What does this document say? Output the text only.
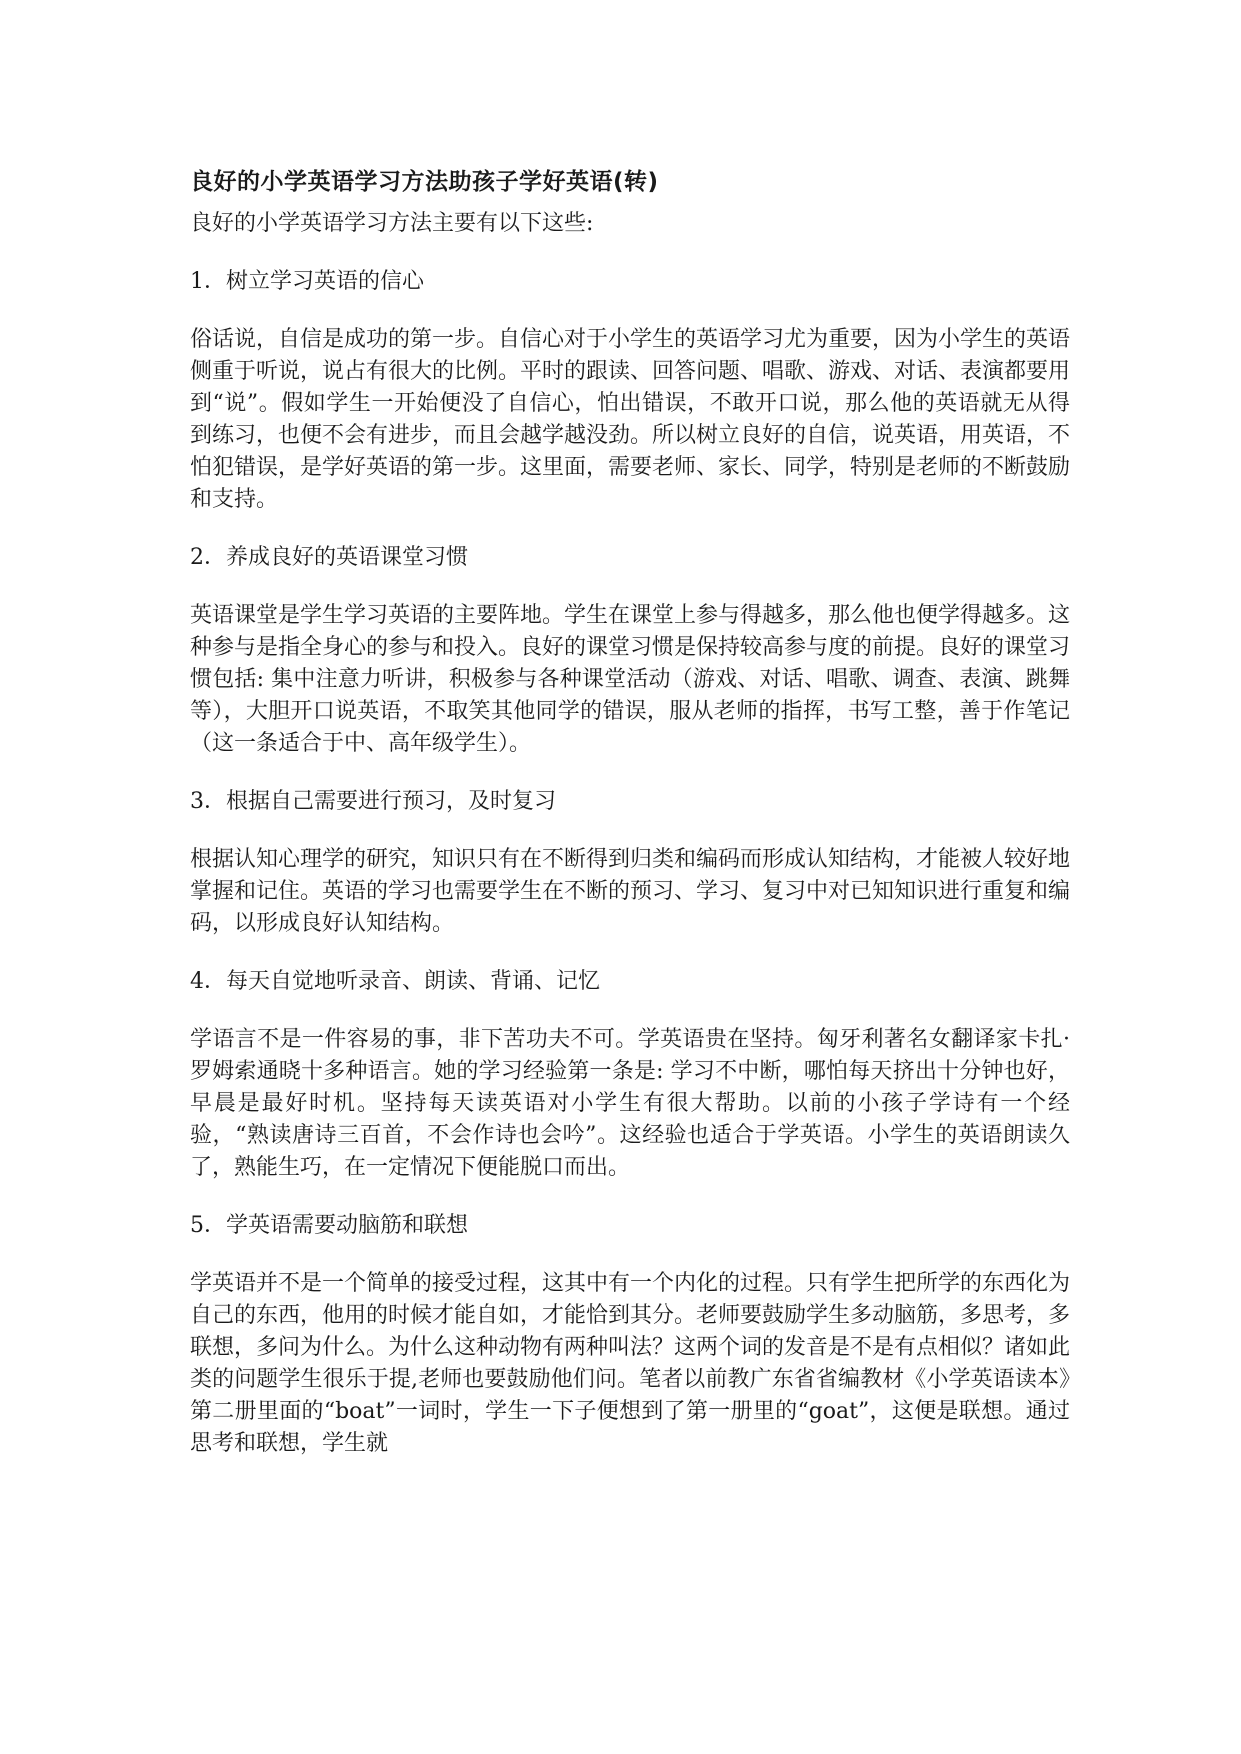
良好的小学英语学习方法助孩子学好英语(转)
良好的小学英语学习方法主要有以下这些:
1．树立学习英语的信心
俗话说，自信是成功的第一步。自信心对于小学生的英语学习尤为重要，因为小学生的英语侧重于听说，说占有很大的比例。平时的跟读、回答问题、唱歌、游戏、对话、表演都要用到“说”。假如学生一开始便没了自信心，怕出错误，不敢开口说，那么他的英语就无从得到练习，也便不会有进步，而且会越学越没劲。所以树立良好的自信，说英语，用英语，不怕犯错误，是学好英语的第一步。这里面，需要老师、家长、同学，特别是老师的不断鼓励和支持。
2．养成良好的英语课堂习惯
英语课堂是学生学习英语的主要阵地。学生在课堂上参与得越多，那么他也便学得越多。这种参与是指全身心的参与和投入。良好的课堂习惯是保持较高参与度的前提。良好的课堂习惯包括: 集中注意力听讲，积极参与各种课堂活动（游戏、对话、唱歌、调查、表演、跳舞等），大胆开口说英语，不取笑其他同学的错误，服从老师的指挥，书写工整，善于作笔记（这一条适合于中、高年级学生）。
3．根据自己需要进行预习，及时复习
根据认知心理学的研究，知识只有在不断得到归类和编码而形成认知结构，才能被人较好地掌握和记住。英语的学习也需要学生在不断的预习、学习、复习中对已知知识进行重复和编码，以形成良好认知结构。
4．每天自觉地听录音、朗读、背诵、记忆
学语言不是一件容易的事，非下苦功夫不可。学英语贵在坚持。匈牙利著名女翻译家卡扎·罗姆索通晓十多种语言。她的学习经验第一条是: 学习不中断，哪怕每天挤出十分钟也好，早晨是最好时机。坚持每天读英语对小学生有很大帮助。以前的小孩子学诗有一个经验，“熟读唐诗三百首，不会作诗也会吟”。这经验也适合于学英语。小学生的英语朗读久了，熟能生巧，在一定情况下便能脱口而出。
5．学英语需要动脑筋和联想
学英语并不是一个简单的接受过程，这其中有一个内化的过程。只有学生把所学的东西化为自己的东西，他用的时候才能自如，才能恰到其分。老师要鼓励学生多动脑筋，多思考，多联想，多问为什么。为什么这种动物有两种叫法？这两个词的发音是不是有点相似？诸如此类的问题学生很乐于提,老师也要鼓励他们问。笔者以前教广东省省编教材《小学英语读本》第二册里面的“boat”一词时，学生一下子便想到了第一册里的“goat”，这便是联想。通过思考和联想，学生就
